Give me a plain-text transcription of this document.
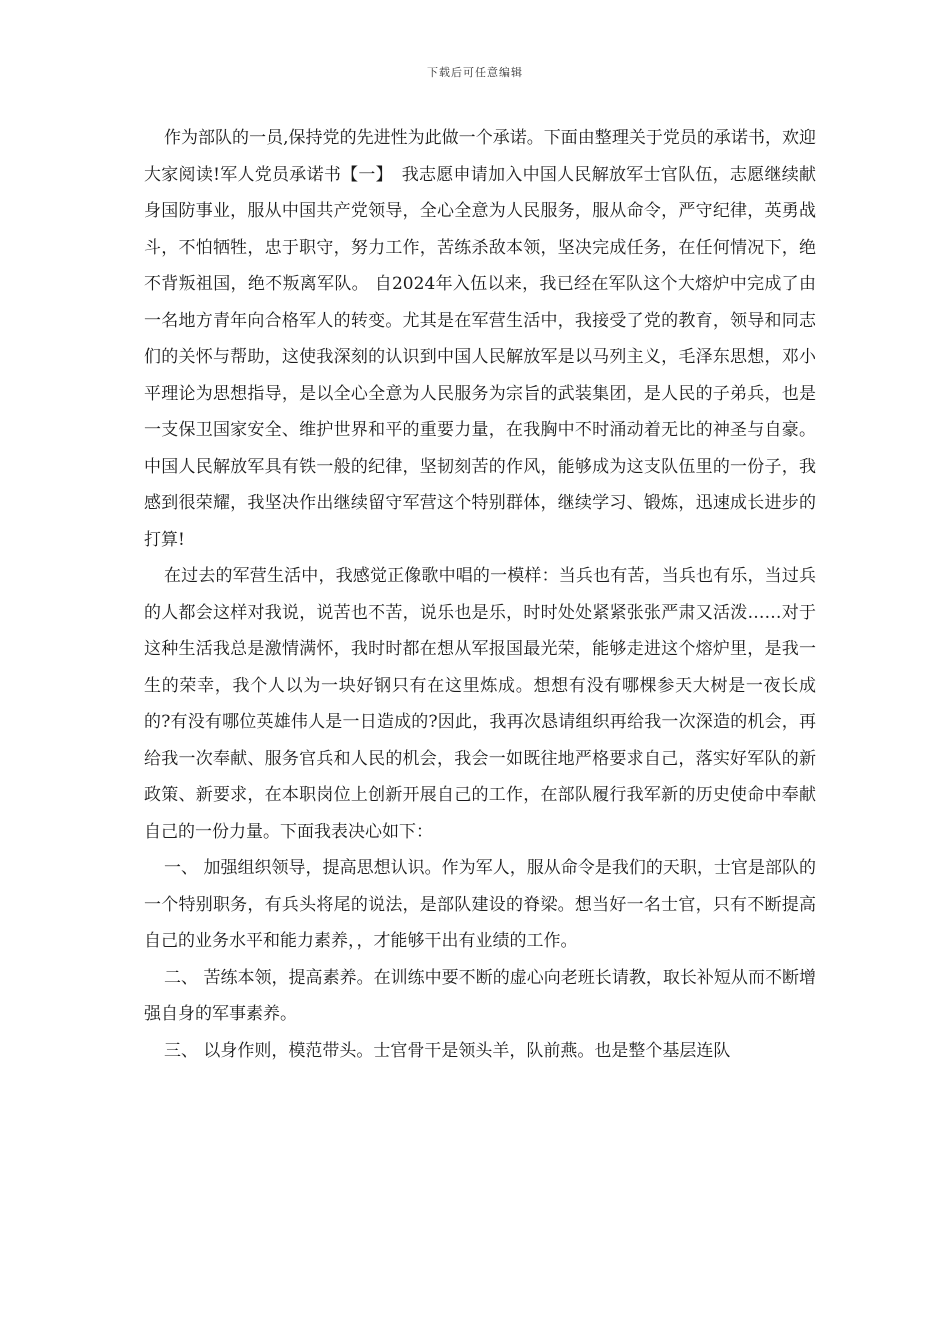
下载后可任意编辑

作为部队的一员,保持党的先进性为此做一个承诺。下面由整理关于党员的承诺书，欢迎大家阅读!军人党员承诺书【一】　我志愿申请加入中国人民解放军士官队伍，志愿继续献身国防事业，服从中国共产党领导，全心全意为人民服务，服从命令，严守纪律，英勇战斗，不怕牺牲，忠于职守，努力工作，苦练杀敌本领，坚决完成任务，在任何情况下，绝不背叛祖国，绝不叛离军队。 自2024年入伍以来，我已经在军队这个大熔炉中完成了由一名地方青年向合格军人的转变。尤其是在军营生活中，我接受了党的教育，领导和同志们的关怀与帮助，这使我深刻的认识到中国人民解放军是以马列主义，毛泽东思想，邓小平理论为思想指导，是以全心全意为人民服务为宗旨的武装集团，是人民的子弟兵，也是一支保卫国家安全、维护世界和平的重要力量，在我胸中不时涌动着无比的神圣与自豪。中国人民解放军具有铁一般的纪律，坚韧刻苦的作风，能够成为这支队伍里的一份子，我感到很荣耀，我坚决作出继续留守军营这个特别群体，继续学习、锻炼，迅速成长进步的打算!

在过去的军营生活中，我感觉正像歌中唱的一模样：当兵也有苦，当兵也有乐，当过兵的人都会这样对我说，说苦也不苦，说乐也是乐，时时处处紧紧张张严肃又活泼……对于这种生活我总是激情满怀，我时时都在想从军报国最光荣，能够走进这个熔炉里，是我一生的荣幸，我个人以为一块好钢只有在这里炼成。想想有没有哪棵参天大树是一夜长成的?有没有哪位英雄伟人是一日造成的?因此，我再次恳请组织再给我一次深造的机会，再给我一次奉献、服务官兵和人民的机会，我会一如既往地严格要求自己，落实好军队的新政策、新要求，在本职岗位上创新开展自己的工作，在部队履行我军新的历史使命中奉献自己的一份力量。下面我表决心如下：

一、 加强组织领导，提高思想认识。作为军人，服从命令是我们的天职，士官是部队的一个特别职务，有兵头将尾的说法，是部队建设的脊梁。想当好一名士官，只有不断提高自己的业务水平和能力素养，，才能够干出有业绩的工作。

二、 苦练本领，提高素养。在训练中要不断的虚心向老班长请教，取长补短从而不断增强自身的军事素养。

三、 以身作则，模范带头。士官骨干是领头羊，队前燕。也是整个基层连队
